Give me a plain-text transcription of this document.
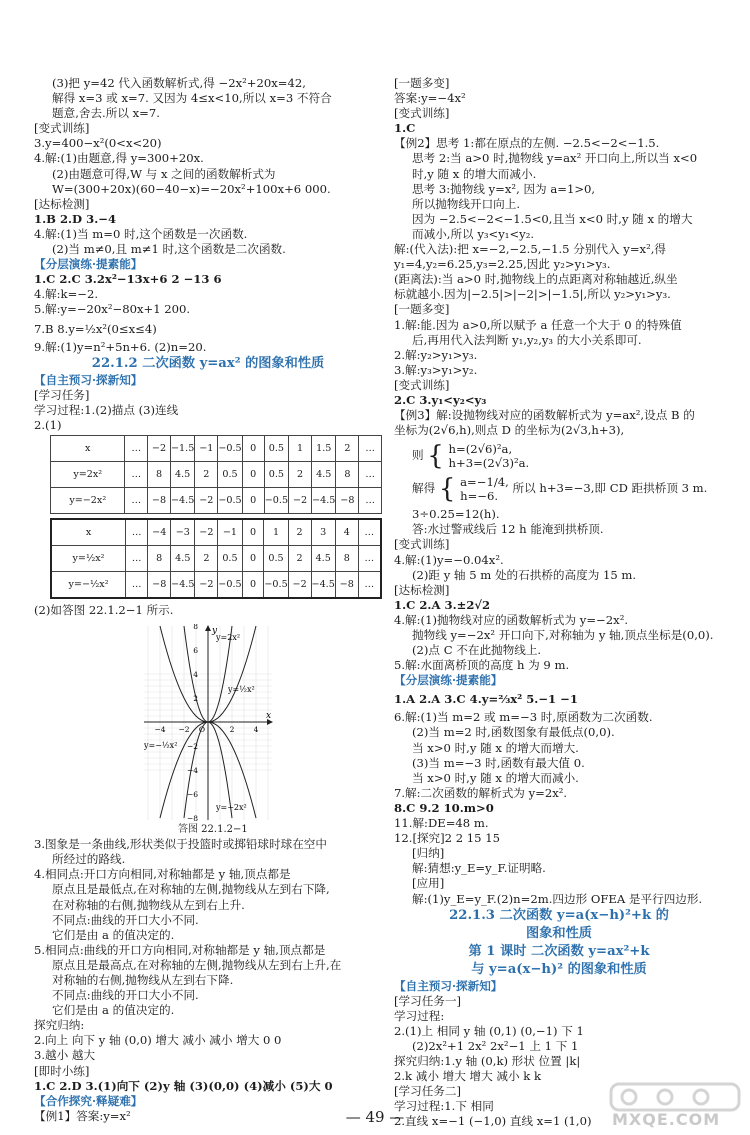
(3)把 y=42 代入函数解析式,得 −2x²+20x=42,
解得 x=3 或 x=7. 又因为 4≤x<10,所以 x=3 不符合
题意,舍去.所以 x=7.
[变式训练]
3.y=400−x²(0<x<20)
4.解:(1)由题意,得 y=300+20x.
(2)由题意可得,W 与 x 之间的函数解析式为
W=(300+20x)(60−40−x)=−20x²+100x+6 000.
[达标检测]
1.B 2.D 3.−4
4.解:(1)当 m=0 时,这个函数是一次函数.
(2)当 m≠0,且 m≠1 时,这个函数是二次函数.
【分层演练·提素能】
1.C 2.C 3.2x²−13x+6 2 −13 6
4.解:k=−2.
5.解:y=−20x²−80x+1 200.
7.B 8.y=½x²(0≤x≤4)
9.解:(1)y=n²+5n+6. (2)n=20.
22.1.2 二次函数 y=ax² 的图象和性质
【自主预习·探新知】
[学习任务]
学习过程:1.(2)描点 (3)连线
2.(1)
x	…	−2	−1.5	−1	−0.5	0	0.5	1	1.5	2	…
y=2x²	…	8	4.5	2	0.5	0	0.5	2	4.5	8	…
y=−2x²	…	−8	−4.5	−2	−0.5	0	−0.5	−2	−4.5	−8	…
x	…	−4	−3	−2	−1	0	1	2	3	4	…
y=½x²	…	8	4.5	2	0.5	0	0.5	2	4.5	8	…
y=−½x²	…	−8	−4.5	−2	−0.5	0	−0.5	−2	−4.5	−8	…
(2)如答图 22.1.2−1 所示.
8
6
4
2
−2
−4
−6
−8
−4 −2 O	2	4
x
y
y=2x²
y=½x²
y=−½x²
y=−2x²
答图 22.1.2−1
3.图象是一条曲线,形状类似于投篮时或掷铅球时球在空中
所经过的路线.
4.相同点:开口方向相同,对称轴都是 y 轴,顶点都是
原点且是最低点,在对称轴的左侧,抛物线从左到右下降,
在对称轴的右侧,抛物线从左到右上升.
不同点:曲线的开口大小不同.
它们是由 a 的值决定的.
5.相同点:曲线的开口方向相同,对称轴都是 y 轴,顶点都是
原点且是最高点,在对称轴的左侧,抛物线从左到右上升,在
对称轴的右侧,抛物线从左到右下降.
不同点:曲线的开口大小不同.
它们是由 a 的值决定的.
探究归纳:
2.向上 向下 y 轴 (0,0) 增大 减小 减小 增大 0 0
3.越小 越大
[即时小练]
1.C 2.D 3.(1)向下 (2)y 轴 (3)(0,0) (4)减小 (5)大 0
【合作探究·释疑难】
【例1】答案:y=x²
[一题多变]
答案:y=−4x²
[变式训练]
1.C
【例2】思考 1:都在原点的左侧. −2.5<−2<−1.5.
思考 2:当 a>0 时,抛物线 y=ax² 开口向上,所以当 x<0
时,y 随 x 的增大而减小.
思考 3:抛物线 y=x², 因为 a=1>0,
所以抛物线开口向上.
因为 −2.5<−2<−1.5<0,且当 x<0 时,y 随 x 的增大
而减小,所以 y₃<y₁<y₂.
解:(代入法):把 x=−2,−2.5,−1.5 分别代入 y=x²,得
y₁=4,y₂=6.25,y₃=2.25,因此 y₂>y₁>y₃.
(距离法):当 a>0 时,抛物线上的点距离对称轴越近,纵坐
标就越小.因为|−2.5|>|−2|>|−1.5|,所以 y₂>y₁>y₃.
[一题多变]
1.解:能.因为 a>0,所以赋予 a 任意一个大于 0 的特殊值
后,再用代入法判断 y₁,y₂,y₃ 的大小关系即可.
2.解:y₂>y₁>y₃.
3.解:y₃>y₁>y₂.
[变式训练]
2.C 3.y₁<y₂<y₃
【例3】解:设抛物线对应的函数解析式为 y=ax²,设点 B 的
坐标为(2√6,h),则点 D 的坐标为(2√3,h+3),
则 { h=(2√6)²a,
h+3=(2√3)²a.
解得 { a=−1/4,
h=−6. 所以 h+3=−3,即 CD 距拱桥顶 3 m.
3÷0.25=12(h).
答:水过警戒线后 12 h 能淹到拱桥顶.
[变式训练]
4.解:(1)y=−0.04x².
(2)距 y 轴 5 m 处的石拱桥的高度为 15 m.
[达标检测]
1.C 2.A 3.±2√2
4.解:(1)抛物线对应的函数解析式为 y=−2x².
抛物线 y=−2x² 开口向下,对称轴为 y 轴,顶点坐标是(0,0).
(2)点 C 不在此抛物线上.
5.解:水面离桥顶的高度 h 为 9 m.
【分层演练·提素能】
1.A 2.A 3.C 4.y=⅔x² 5.−1 −1
6.解:(1)当 m=2 或 m=−3 时,原函数为二次函数.
(2)当 m=2 时,函数图象有最低点(0,0).
当 x>0 时,y 随 x 的增大而增大.
(3)当 m=−3 时,函数有最大值 0.
当 x>0 时,y 随 x 的增大而减小.
7.解:二次函数的解析式为 y=2x².
8.C 9.2 10.m>0
11.解:DE=48 m.
12.[探究]2 2 15 15
[归纳]
解:猜想:y_E=y_F.证明略.
[应用]
解:(1)y_E=y_F.(2)n=2m.四边形 OFEA 是平行四边形.
22.1.3 二次函数 y=a(x−h)²+k 的
图象和性质
第 1 课时 二次函数 y=ax²+k
与 y=a(x−h)² 的图象和性质
【自主预习·探新知】
[学习任务一]
学习过程:
2.(1)上 相同 y 轴 (0,1) (0,−1) 下 1
(2)2x²+1 2x² 2x²−1 上 1 下 1
探究归纳:1.y 轴 (0,k) 形状 位置 |k|
2.k 减小 增大 增大 减小 k k
[学习任务二]
学习过程:1.下 相同
2.直线 x=−1 (−1,0) 直线 x=1 (1,0)
— 49 —	MXQE.COM
